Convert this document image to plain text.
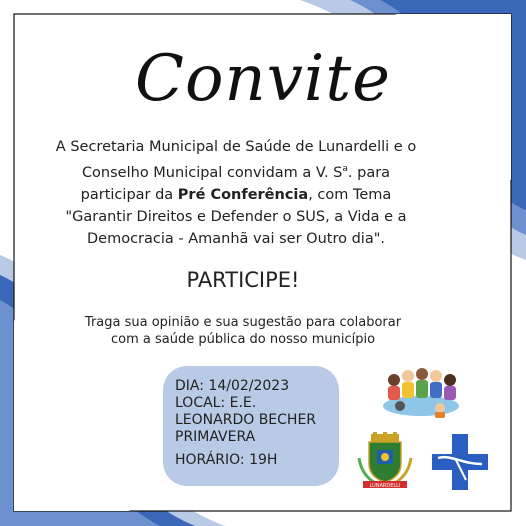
Convite
A Secretaria Municipal de Saúde de Lunardelli e o
Conselho Municipal convidam a V. $S^a$. para
participar da Pré Conferência, com Tema
"Garantir Direitos e Defender o SUS, a Vida e a
Democracia - Amanhã vai ser Outro dia".
PARTICIPE!
Traga sua opinião e sua sugestão para colaborar
com a saúde pública do nosso município
DIA: 14/02/2023
LOCAL: E.E.
LEONARDO BECHER
PRIMAVERA
HORÁRIO: 19H
LUNARDELLI
